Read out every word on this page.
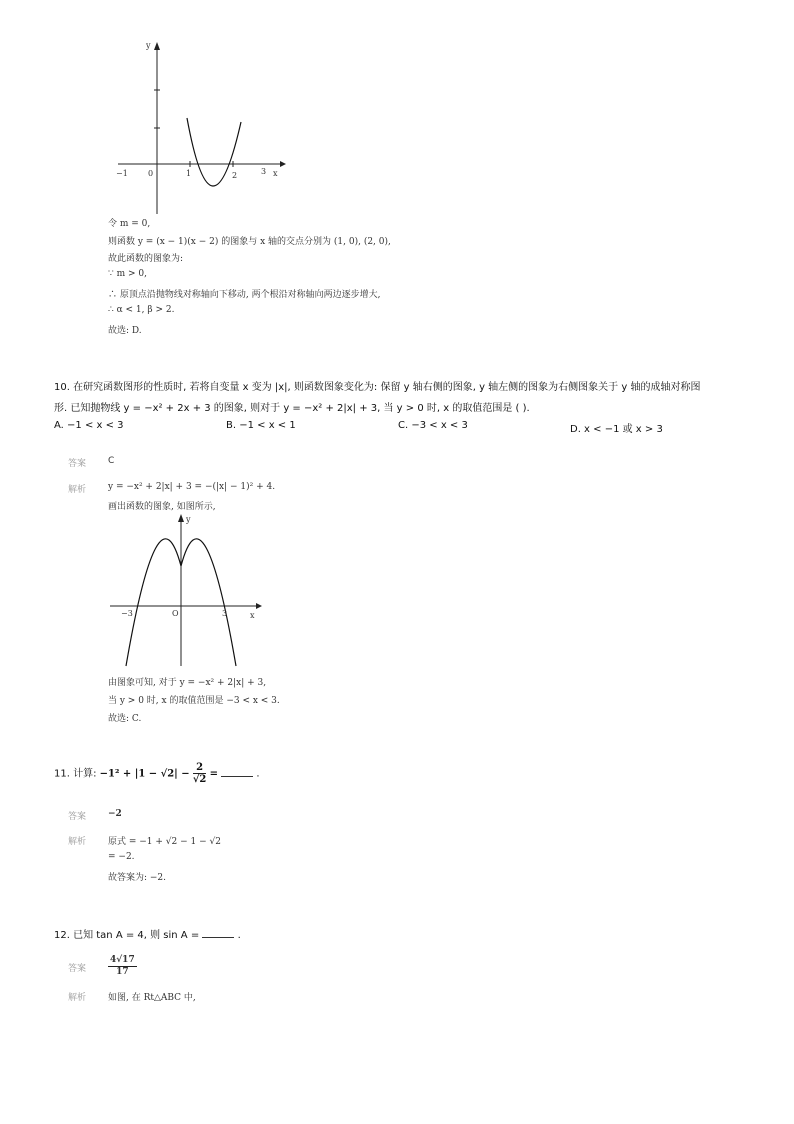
y
x
−1	0	1	2	3
令 m = 0,
则函数 y = (x − 1)(x − 2) 的图象与 x 轴的交点分别为 (1, 0), (2, 0),
故此函数的图象为:
∵ m > 0,
∴ 原顶点沿抛物线对称轴向下移动, 两个根沿对称轴向两边逐步增大,
∴ α < 1, β > 2.
故选: D.
10. 在研究函数图形的性质时, 若将自变量 x 变为 |x|, 则函数图象变化为: 保留 y 轴右侧的图象, y 轴左侧的图象为右侧图象关于 y 轴的成轴对称图
形. 已知抛物线 y = −x² + 2x + 3 的图象, 则对于 y = −x² + 2|x| + 3, 当 y > 0 时, x 的取值范围是 ( ).
A. −1 < x < 3	B. −1 < x < 1	C. −3 < x < 3	D. x < −1 或 x > 3
答案 C
解析 y = −x² + 2|x| + 3 = −(|x| − 1)² + 4.
画出函数的图象, 如图所示,
y
x
−3	O	3
由图象可知, 对于 y = −x² + 2|x| + 3,
当 y > 0 时, x 的取值范围是 −3 < x < 3.
故选: C.
11. 计算: $-1^2 + |1 - √2| - \frac{2}{√2}$ =	.
答案 −2
解析 原式 = −1 + √2 − 1 − √2
= −2.
故答案为: −2.
12. 已知 tan A = 4, 则 sin A =	.
答案 $\frac{4√17}{17}$
解析 如图, 在 Rt△ABC 中,
